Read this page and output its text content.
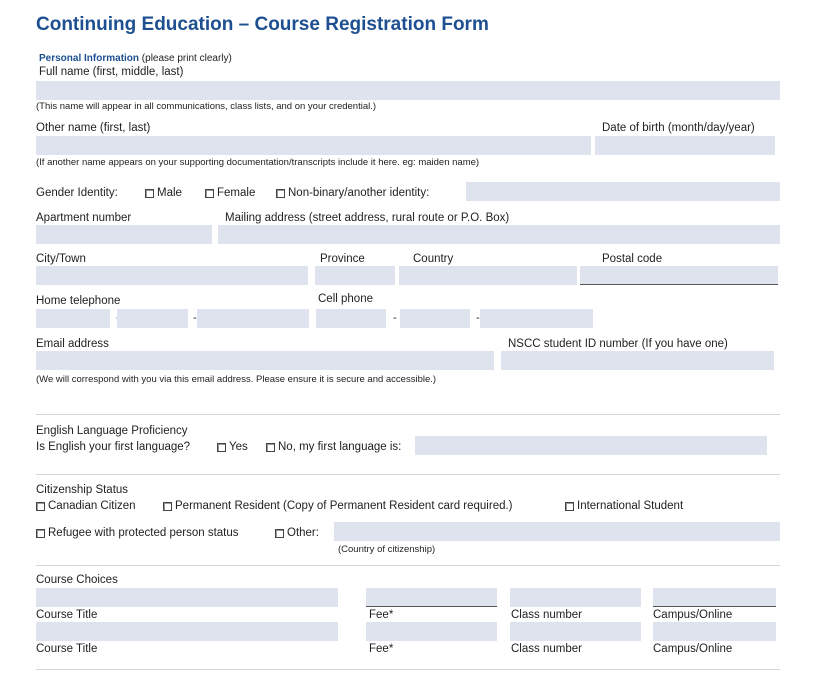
Continuing Education – Course Registration Form
Personal Information (please print clearly)
Full name (first, middle, last)
(This name will appear in all communications, class lists, and on your credential.)
Other name (first, last)	Date of birth (month/day/year)
(If another name appears on your supporting documentation/transcripts include it here. eg: maiden name)
Gender Identity:	Male	Female	Non-binary/another identity:
Apartment number	Mailing address (street address, rural route or P.O. Box)
City/Town	Province	Country	Postal code
Home telephone	Cell phone
-	-	-
Email address	NSCC student ID number (If you have one)
(We will correspond with you via this email address. Please ensure it is secure and accessible.)
English Language Proficiency
Is English your first language?	Yes	No, my first language is:
Citizenship Status
Canadian Citizen	Permanent Resident (Copy of Permanent Resident card required.)	International Student
Refugee with protected person status	Other:
(Country of citizenship)
Course Choices
Course Title	Fee*	Class number	Campus/Online
Course Title	Fee*	Class number	Campus/Online
